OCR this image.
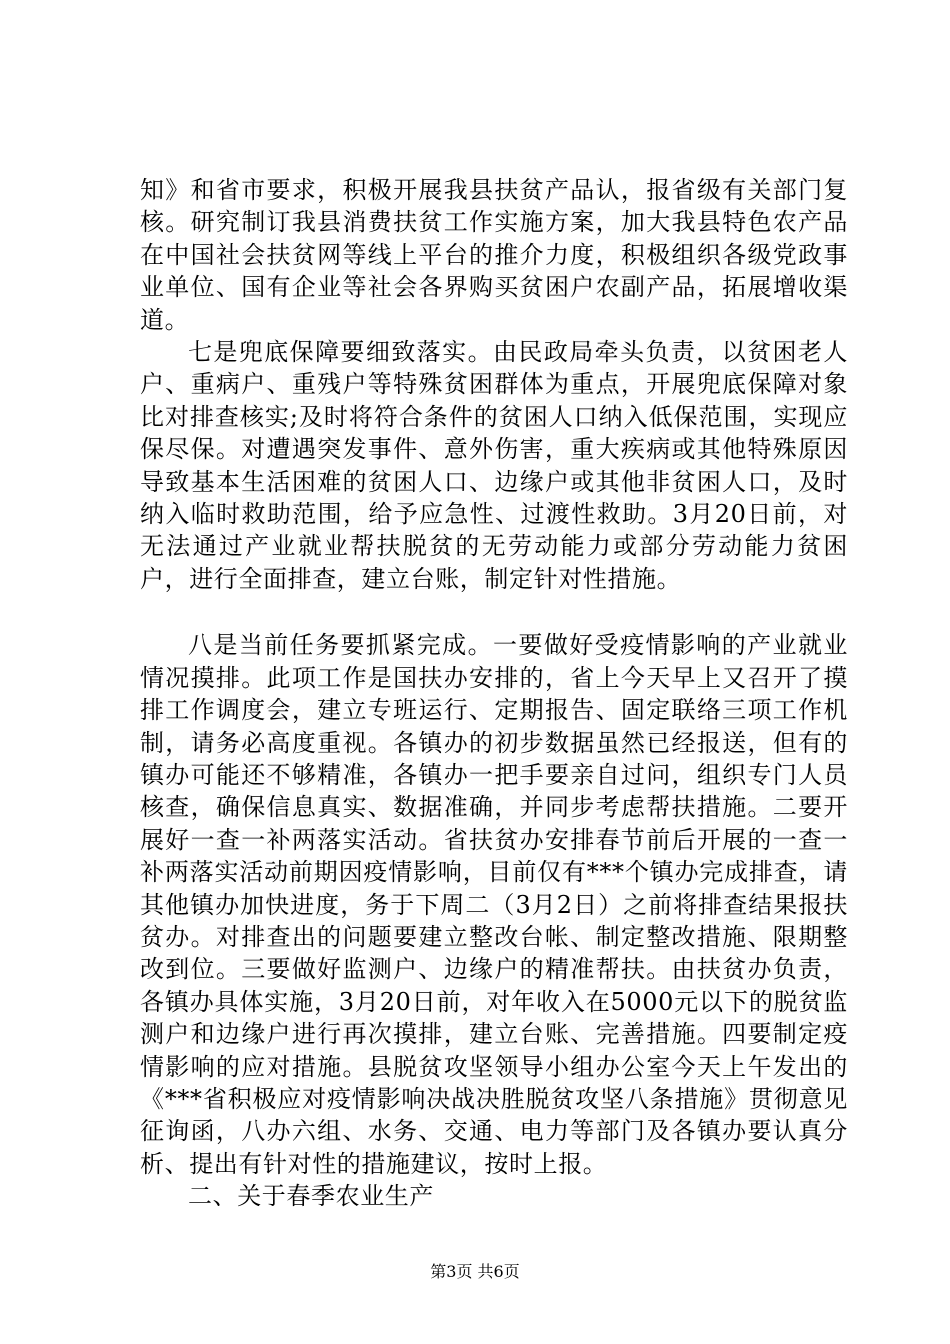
知》和省市要求，积极开展我县扶贫产品认，报省级有关部门复核。研究制订我县消费扶贫工作实施方案，加大我县特色农产品在中国社会扶贫网等线上平台的推介力度，积极组织各级党政事业单位、国有企业等社会各界购买贫困户农副产品，拓展增收渠道。

七是兜底保障要细致落实。由民政局牵头负责，以贫困老人户、重病户、重残户等特殊贫困群体为重点，开展兜底保障对象比对排查核实;及时将符合条件的贫困人口纳入低保范围，实现应保尽保。对遭遇突发事件、意外伤害，重大疾病或其他特殊原因导致基本生活困难的贫困人口、边缘户或其他非贫困人口，及时纳入临时救助范围，给予应急性、过渡性救助。3月20日前，对无法通过产业就业帮扶脱贫的无劳动能力或部分劳动能力贫困户，进行全面排查，建立台账，制定针对性措施。

八是当前任务要抓紧完成。一要做好受疫情影响的产业就业情况摸排。此项工作是国扶办安排的，省上今天早上又召开了摸排工作调度会，建立专班运行、定期报告、固定联络三项工作机制，请务必高度重视。各镇办的初步数据虽然已经报送，但有的镇办可能还不够精准，各镇办一把手要亲自过问，组织专门人员核查，确保信息真实、数据准确，并同步考虑帮扶措施。二要开展好一查一补两落实活动。省扶贫办安排春节前后开展的一查一补两落实活动前期因疫情影响，目前仅有***个镇办完成排查，请其他镇办加快进度，务于下周二（3月2日）之前将排查结果报扶贫办。对排查出的问题要建立整改台帐、制定整改措施、限期整改到位。三要做好监测户、边缘户的精准帮扶。由扶贫办负责，各镇办具体实施，3月20日前，对年收入在5000元以下的脱贫监测户和边缘户进行再次摸排，建立台账、完善措施。四要制定疫情影响的应对措施。县脱贫攻坚领导小组办公室今天上午发出的《***省积极应对疫情影响决战决胜脱贫攻坚八条措施》贯彻意见征询函，八办六组、水务、交通、电力等部门及各镇办要认真分析、提出有针对性的措施建议，按时上报。

二、关于春季农业生产

第3页 共6页
